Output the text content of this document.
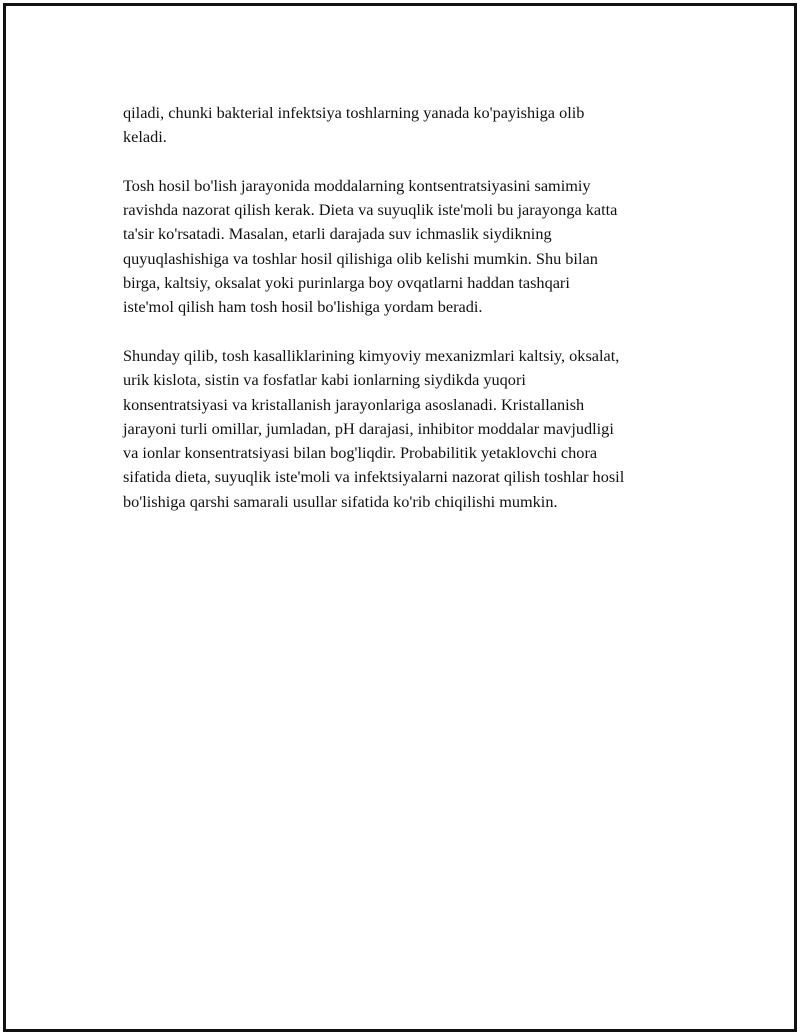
qiladi, chunki bakterial infektsiya toshlarning yanada ko'payishiga olib
keladi.

Tosh hosil bo'lish jarayonida moddalarning kontsentratsiyasini samimiy
ravishda nazorat qilish kerak. Dieta va suyuqlik iste'moli bu jarayonga katta
ta'sir ko'rsatadi. Masalan, etarli darajada suv ichmaslik siydikning
quyuqlashishiga va toshlar hosil qilishiga olib kelishi mumkin. Shu bilan
birga, kaltsiy, oksalat yoki purinlarga boy ovqatlarni haddan tashqari
iste'mol qilish ham tosh hosil bo'lishiga yordam beradi.

Shunday qilib, tosh kasalliklarining kimyoviy mexanizmlari kaltsiy, oksalat,
urik kislota, sistin va fosfatlar kabi ionlarning siydikda yuqori
konsentratsiyasi va kristallanish jarayonlariga asoslanadi. Kristallanish
jarayoni turli omillar, jumladan, pH darajasi, inhibitor moddalar mavjudligi
va ionlar konsentratsiyasi bilan bog'liqdir. Probabilitik yetaklovchi chora
sifatida dieta, suyuqlik iste'moli va infektsiyalarni nazorat qilish toshlar hosil
bo'lishiga qarshi samarali usullar sifatida ko'rib chiqilishi mumkin.
